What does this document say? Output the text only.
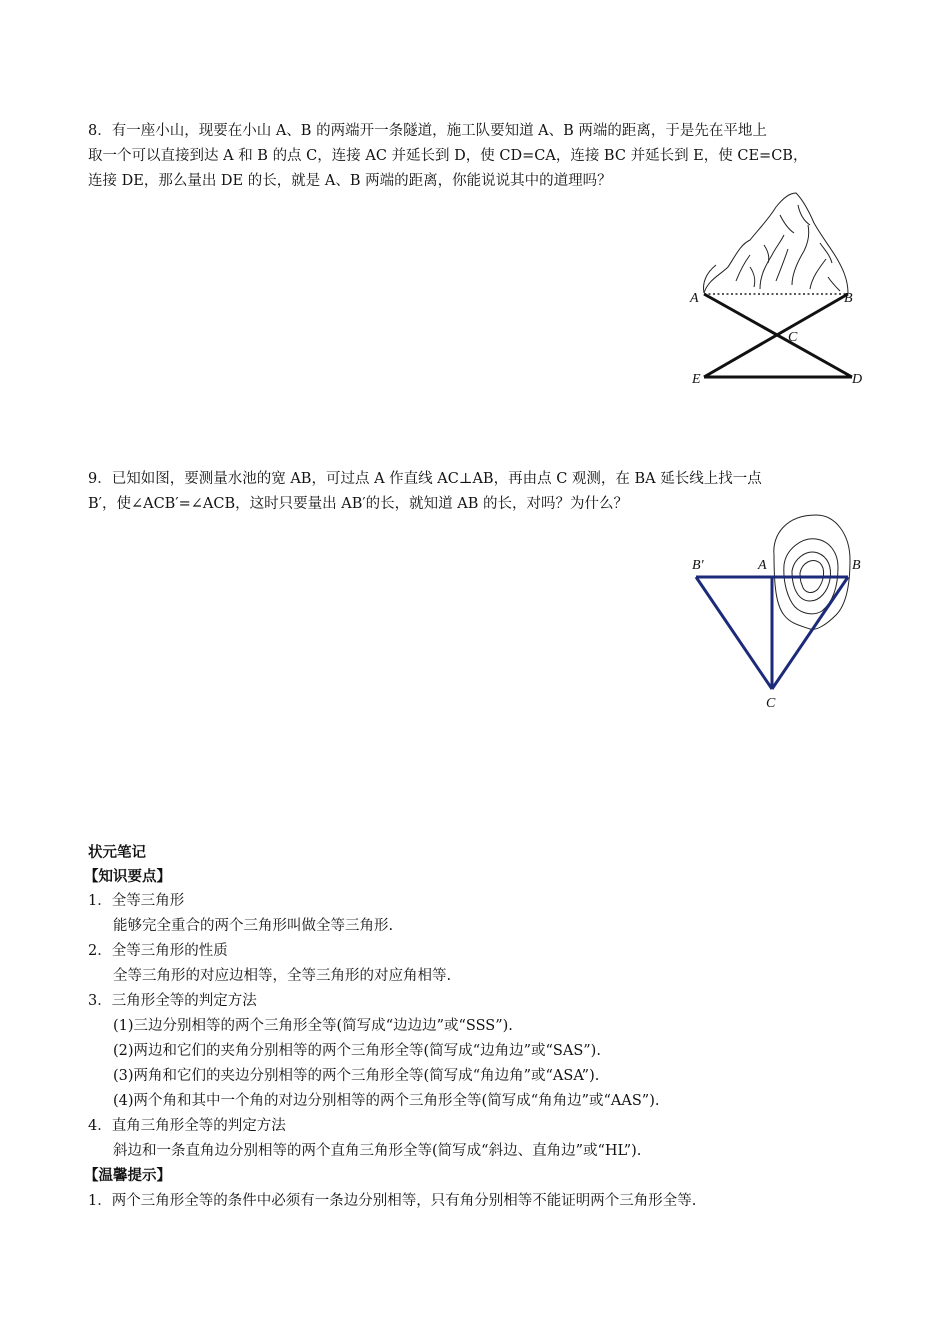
8．有一座小山，现要在小山 A、B 的两端开一条隧道，施工队要知道 A、B 两端的距离，于是先在平地上
取一个可以直接到达 A 和 B 的点 C，连接 AC 并延长到 D，使 CD=CA，连接 BC 并延长到 E，使 CE=CB，
连接 DE，那么量出 DE 的长，就是 A、B 两端的距离，你能说说其中的道理吗？
A	B
C
E	D
9．已知如图，要测量水池的宽 AB，可过点 A 作直线 AC⊥AB，再由点 C 观测，在 BA 延长线上找一点
B′，使∠ACB′=∠ACB，这时只要量出 AB′的长，就知道 AB 的长，对吗？为什么？
B′	A	B
C
状元笔记
【知识要点】
1．全等三角形
能够完全重合的两个三角形叫做全等三角形.
2．全等三角形的性质
全等三角形的对应边相等，全等三角形的对应角相等.
3．三角形全等的判定方法
(1)三边分别相等的两个三角形全等(简写成“边边边”或“SSS”).
(2)两边和它们的夹角分别相等的两个三角形全等(简写成“边角边”或“SAS”).
(3)两角和它们的夹边分别相等的两个三角形全等(简写成“角边角”或“ASA”).
(4)两个角和其中一个角的对边分别相等的两个三角形全等(简写成“角角边”或“AAS”).
4．直角三角形全等的判定方法
斜边和一条直角边分别相等的两个直角三角形全等(简写成“斜边、直角边”或“HL”).
【温馨提示】
1．两个三角形全等的条件中必须有一条边分别相等，只有角分别相等不能证明两个三角形全等.
